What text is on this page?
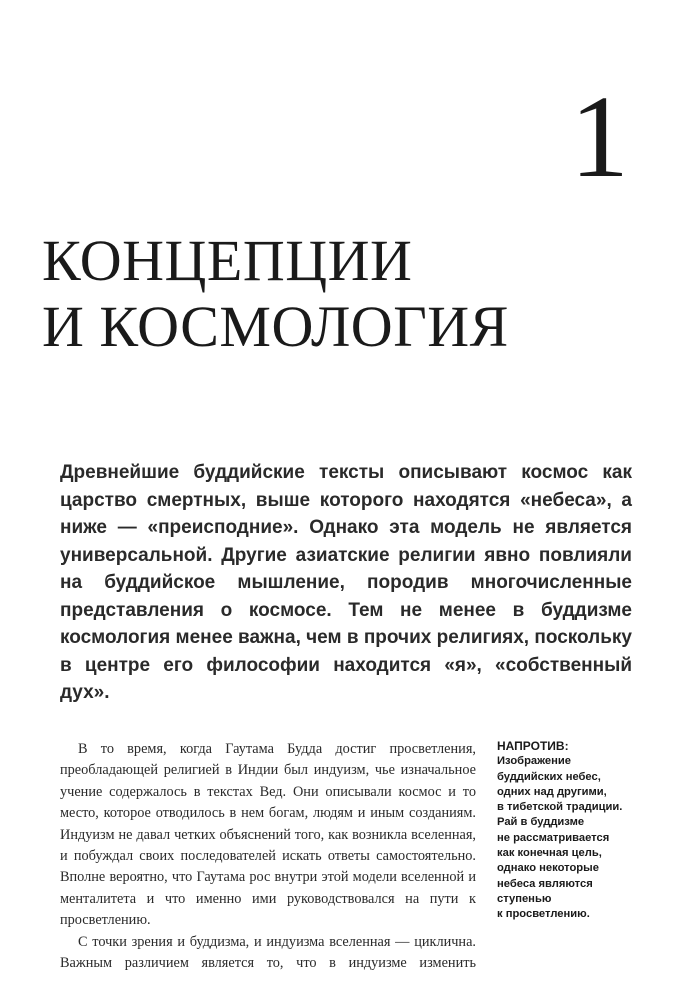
1
КОНЦЕПЦИИ
И КОСМОЛОГИЯ

Древнейшие буддийские тексты описывают космос как царство смертных, выше которого находятся «небеса», а ниже — «преисподние». Однако эта модель не является универсальной. Другие азиатские религии явно повлияли на буддийское мышление, породив многочисленные представления о космосе. Тем не менее в буддизме космология менее важна, чем в прочих религиях, поскольку в центре его философии находится «я», «собственный дух».

В то время, когда Гаутама Будда достиг просветления, преобладающей религией в Индии был индуизм, чье изначальное учение содержалось в текстах Вед. Они описывали космос и то место, которое отводилось в нем богам, людям и иным созданиям. Индуизм не давал четких объяснений того, как возникла вселенная, и побуждал своих последователей искать ответы самостоятельно. Вполне вероятно, что Гаутама рос внутри этой модели вселенной и менталитета и что именно ими руководствовался на пути к просветлению.

С точки зрения и буддизма, и индуизма вселенная — циклична. Важным различием является то, что в индуизме изменить

НАПРОТИВ:
Изображение
буддийских небес,
одних над другими,
в тибетской традиции.
Рай в буддизме
не рассматривается
как конечная цель,
однако некоторые
небеса являются
ступенью
к просветлению.
